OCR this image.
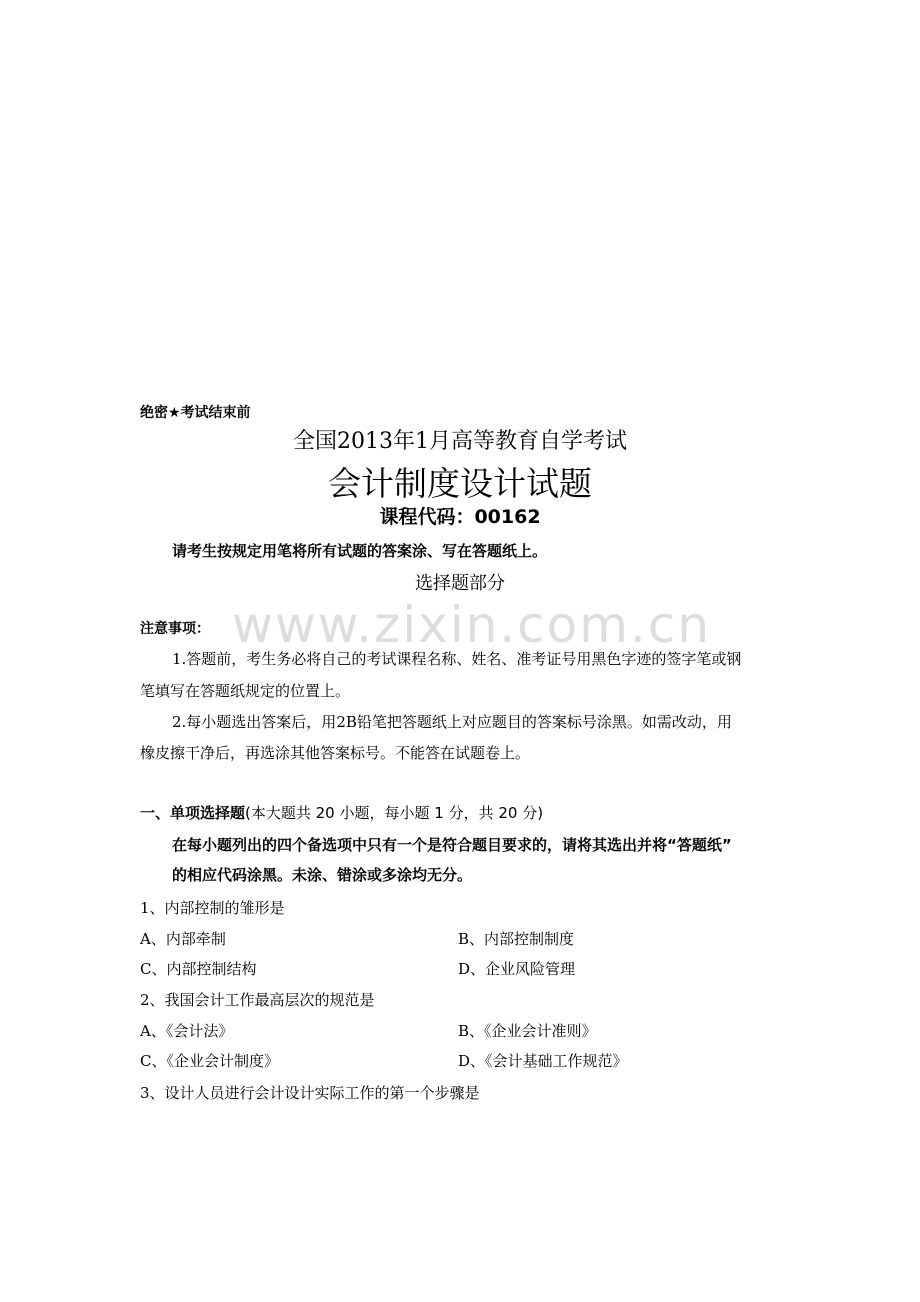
绝密★考试结束前
全国2013年1月高等教育自学考试
会计制度设计试题
课程代码：00162
请考生按规定用笔将所有试题的答案涂、写在答题纸上。
选择题部分
www.zixin.com.cn
注意事项：
1.答题前，考生务必将自己的考试课程名称、姓名、准考证号用黑色字迹的签字笔或钢
笔填写在答题纸规定的位置上。
2.每小题选出答案后，用2B铅笔把答题纸上对应题目的答案标号涂黑。如需改动，用
橡皮擦干净后，再选涂其他答案标号。不能答在试题卷上。
一、单项选择题(本大题共 20 小题，每小题 1 分，共 20 分)
在每小题列出的四个备选项中只有一个是符合题目要求的，请将其选出并将“答题纸”
的相应代码涂黑。未涂、错涂或多涂均无分。
1、内部控制的雏形是
A、内部牵制	B、内部控制制度
C、内部控制结构	D、企业风险管理
2、我国会计工作最高层次的规范是
A、《会计法》	B、《企业会计准则》
C、《企业会计制度》	D、《会计基础工作规范》
3、设计人员进行会计设计实际工作的第一个步骤是
